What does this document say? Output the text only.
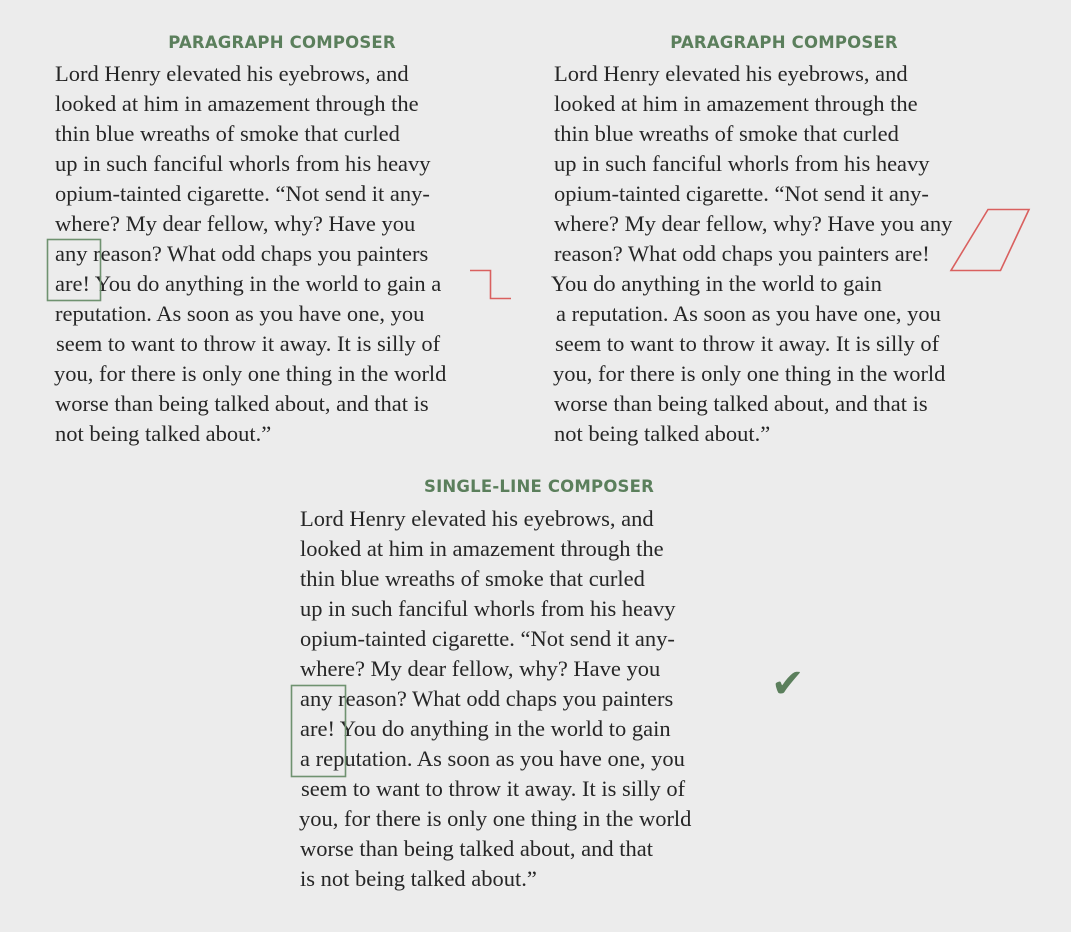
PARAGRAPH COMPOSER
Lord Henry elevated his eyebrows, and
looked at him in amazement through the
thin blue wreaths of smoke that curled
up in such fanciful whorls from his heavy
opium-tainted cigarette. “Not send it any-
where? My dear fellow, why? Have you
any reason? What odd chaps you painters
are! You do anything in the world to gain a
reputation. As soon as you have one, you
seem to want to throw it away. It is silly of
you, for there is only one thing in the world
worse than being talked about, and that is
not being talked about.”
PARAGRAPH COMPOSER
Lord Henry elevated his eyebrows, and
looked at him in amazement through the
thin blue wreaths of smoke that curled
up in such fanciful whorls from his heavy
opium-tainted cigarette. “Not send it any-
where? My dear fellow, why? Have you any
reason? What odd chaps you painters are!
You do anything in the world to gain
a reputation. As soon as you have one, you
seem to want to throw it away. It is silly of
you, for there is only one thing in the world
worse than being talked about, and that is
not being talked about.”
SINGLE-LINE COMPOSER
Lord Henry elevated his eyebrows, and
looked at him in amazement through the
thin blue wreaths of smoke that curled
up in such fanciful whorls from his heavy
opium-tainted cigarette. “Not send it any-
where? My dear fellow, why? Have you
any reason? What odd chaps you painters
are! You do anything in the world to gain
a reputation. As soon as you have one, you
seem to want to throw it away. It is silly of
you, for there is only one thing in the world
worse than being talked about, and that
is not being talked about.”
✔
